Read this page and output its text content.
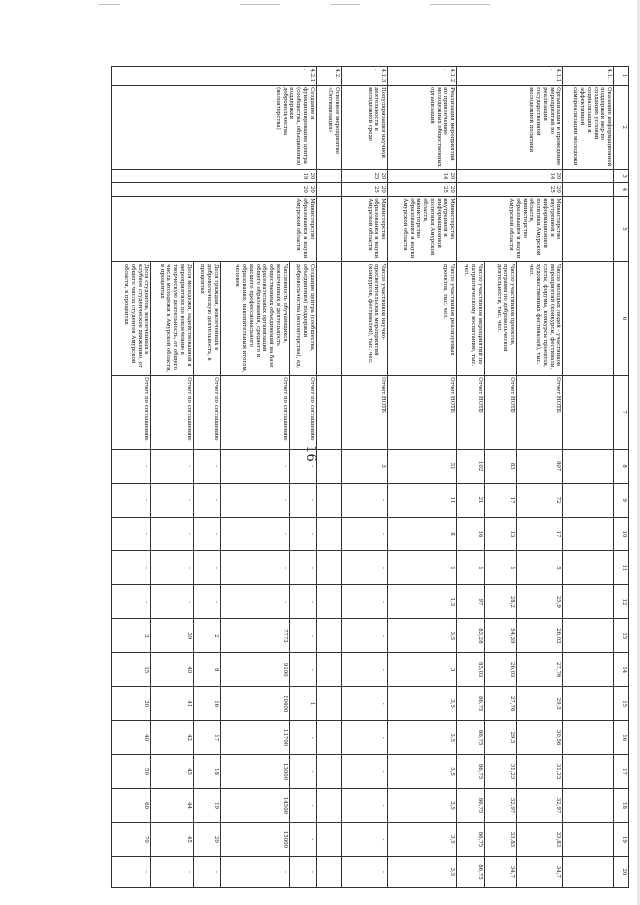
16
1	2	3	4	5	6	7	8	9	10	11	12	13	14	15	16	17	18	19	20
4.1.	Оказание информационной поддержки мер по созданию условий социализации и эффективной самореализации молодежи																		
4.1.1.	Организация и проведение мероприятий по реализации государственной молодежной политики	2014	2025	Министерство внутренней и информационной политики Амурской области, министерство образования и науки Амурской области	Число молодых людей - участников мероприятий (конкурсы, фестивали, слеты, форумы, конкурсы проектов, художественных фестивалей), тыс. чел.	Отчет НОТБ	807	72	17	5	25,9	26,03	27,76	29,5	30,56	31,23	32,97	33,83	34,7
					Число участников проектов, программ по добровольческой деятельности, тыс. чел.	Отчет НОТБ	83	17	13	1	28,2	54,39	26,03	27,76	29,5	31,23	32,97	33,83	34,7
					Число участников мероприятий по патриотическому воспитанию, тыс. чел.	Отчет НОТБ	102	21	16	1	97	83,28	85,03	86,75	86,75	86,75	86,75	86,75	86,75
4.1.2.	Реализация мероприятий по привлечению молодежных общественных организаций	2014	2025	Министерство внутренней и информационной политики Амурской области, министерство образования и науки Амурской области	Число участников реализуемых проектов, тыс. чел.	Отчет НОТБ	51	11	8	1	1,3	3,5	3	3,5	3,5	3,5	3,5	3,5	3,5
4.1.3.	Популяризация научной деятельности в молодежной среде	2025	2025	Министерство образования и науки Амурской области	Число участников научно-просветительских мероприятий (конкурсов, фестивалей), тыс. чел.	Отчет НОТБ	3	-	-	-	-	-	-	-	-	-	-	-	-
4.2.	Основное мероприятие «Оптимизация»																		
4.2.1.	Создание и функционирование центра (сообщества, объединения) поддержки добровольчества (волонтерства)	2019	2020	Министерство образования и науки Амурской области	Создание центра (сообщества, объединения) поддержки добровольчества (волонтерства), ед.	Отчет по соглашению	-	-	-	-	-	-	-	1	-	-	-	-	-
					Численность обучающихся, вовлеченных в деятельность общественных объединений на базе образовательных организаций общего образования, среднего и высшего профессионального образования, накопительным итогом, человек	Отчет по соглашению	-	-	-	-	-	7773	9100	10400	11700	13000	14500	15000	-
					Доля граждан, вовлеченных в добровольческую деятельность, в процентах	Отчет по соглашению	-	-	-	-	-	2	8	16	17	18	19	20	-
					Доля молодежи, задействованной в мероприятиях по вовлечению в творческую деятельность, от общего числа молодежи в Амурской области, в процентах	Отчет по соглашению	-	-	-	-	-	39	40	41	42	43	44	45	-
					Доля студентов, вовлеченных в клубное студенческое движение, от общего числа студентов Амурской области, в процентах	Отчет по соглашению	-	-	-	-	-	3	15	30	40	50	60	70	-
